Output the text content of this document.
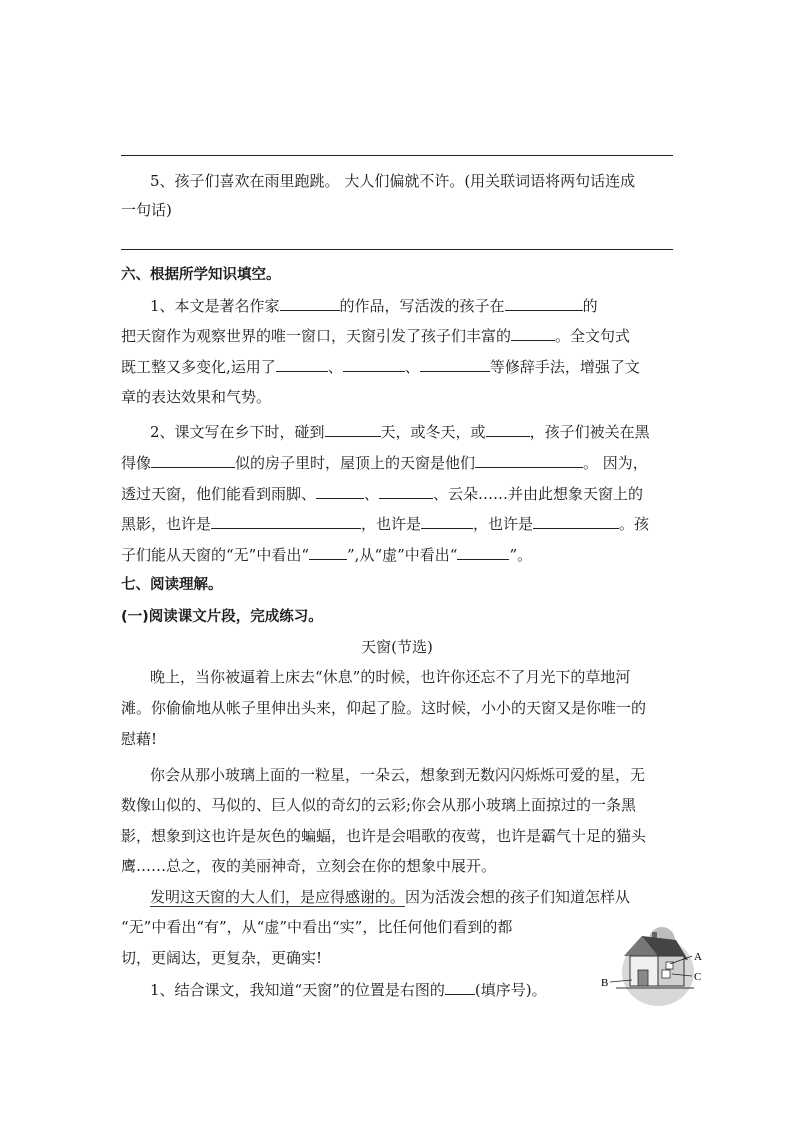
5、孩子们喜欢在雨里跑跳。 大人们偏就不许。(用关联词语将两句话连成
一句话)
六、根据所学知识填空。
1、本文是著名作家	的作品，写活泼的孩子在	的
把天窗作为观察世界的唯一窗口，天窗引发了孩子们丰富的	。全文句式
既工整又多变化,运用了	、	、	等修辞手法，增强了文
章的表达效果和气势。
2、课文写在乡下时，碰到	天，或冬天，或	，孩子们被关在黑
得像	似的房子里时，屋顶上的天窗是他们	。 因为，
透过天窗，他们能看到雨脚、	、	、云朵……并由此想象天窗上的
黑影，也许是	，也许是	，也许是	。孩
子们能从天窗的“无”中看出“	”,从“虚”中看出“	”。
七、阅读理解。
(一)阅读课文片段，完成练习。
天窗(节选)
晚上，当你被逼着上床去“休息”的时候，也许你还忘不了月光下的草地河
滩。你偷偷地从帐子里伸出头来，仰起了脸。这时候，小小的天窗又是你唯一的
慰藉!
你会从那小玻璃上面的一粒星，一朵云，想象到无数闪闪烁烁可爱的星，无
数像山似的、马似的、巨人似的奇幻的云彩;你会从那小玻璃上面掠过的一条黑
影，想象到这也许是灰色的蝙蝠，也许是会唱歌的夜莺，也许是霸气十足的猫头
鹰……总之，夜的美丽神奇，立刻会在你的想象中展开。
发明这天窗的大人们，是应得感谢的。因为活泼会想的孩子们知道怎样从
“无”中看出“有”，从“虚”中看出“实”，比任何他们看到的都
切，更阔达，更复杂，更确实!
1、结合课文，我知道“天窗”的位置是右图的 (填序号)。
A
C
B
